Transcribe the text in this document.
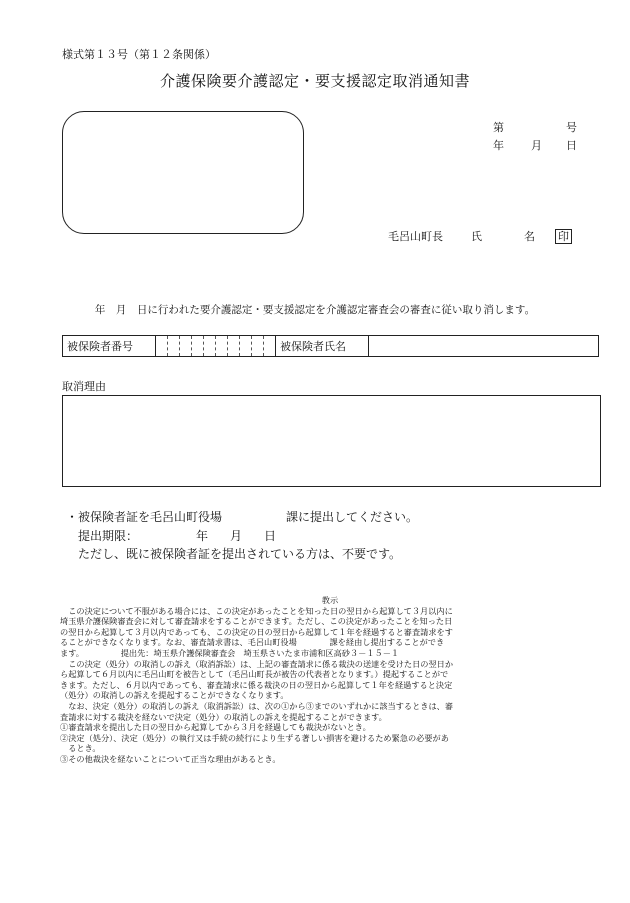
様式第１３号（第１２条関係）
介護保険要介護認定・要支援認定取消通知書
第	号
年 月 日
毛呂山町長	氏	名 印
年　月　日に行われた要介護認定・要支援認定を介護認定審査会の審査に従い取り消します。
被保険者番号											被保険者氏名	
取消理由
・被保険者証を毛呂山町役場	課に提出してください。
提出期限：	年 月 日
ただし、既に被保険者証を提出されている方は、不要です。
教示

　この決定について不服がある場合には、この決定があったことを知った日の翌日から起算して３月以内に

埼玉県介護保険審査会に対して審査請求をすることができます。ただし、この決定があったことを知った日

の翌日から起算して３月以内であっても、この決定の日の翌日から起算して１年を経過すると審査請求をす

ることができなくなります。なお、審査請求書は、毛呂山町役場　　　　課を経由し提出することができ

ます。　　　　　提出先：埼玉県介護保険審査会　埼玉県さいたま市浦和区高砂３－１５－１

　この決定（処分）の取消しの訴え（取消訴訟）は、上記の審査請求に係る裁決の送達を受けた日の翌日か

ら起算して６月以内に毛呂山町を被告として（毛呂山町長が被告の代表者となります。）提起することがで

きます。ただし、６月以内であっても、審査請求に係る裁決の日の翌日から起算して１年を経過すると決定

（処分）の取消しの訴えを提起することができなくなります。

　なお、決定（処分）の取消しの訴え（取消訴訟）は、次の①から③までのいずれかに該当するときは、審

査請求に対する裁決を経ないで決定（処分）の取消しの訴えを提起することができます。

①審査請求を提出した日の翌日から起算してから３月を経過しても裁決がないとき。

②決定（処分）、決定（処分）の執行又は手続の続行により生ずる著しい損害を避けるため緊急の必要があ

　るとき。

③その他裁決を経ないことについて正当な理由があるとき。
